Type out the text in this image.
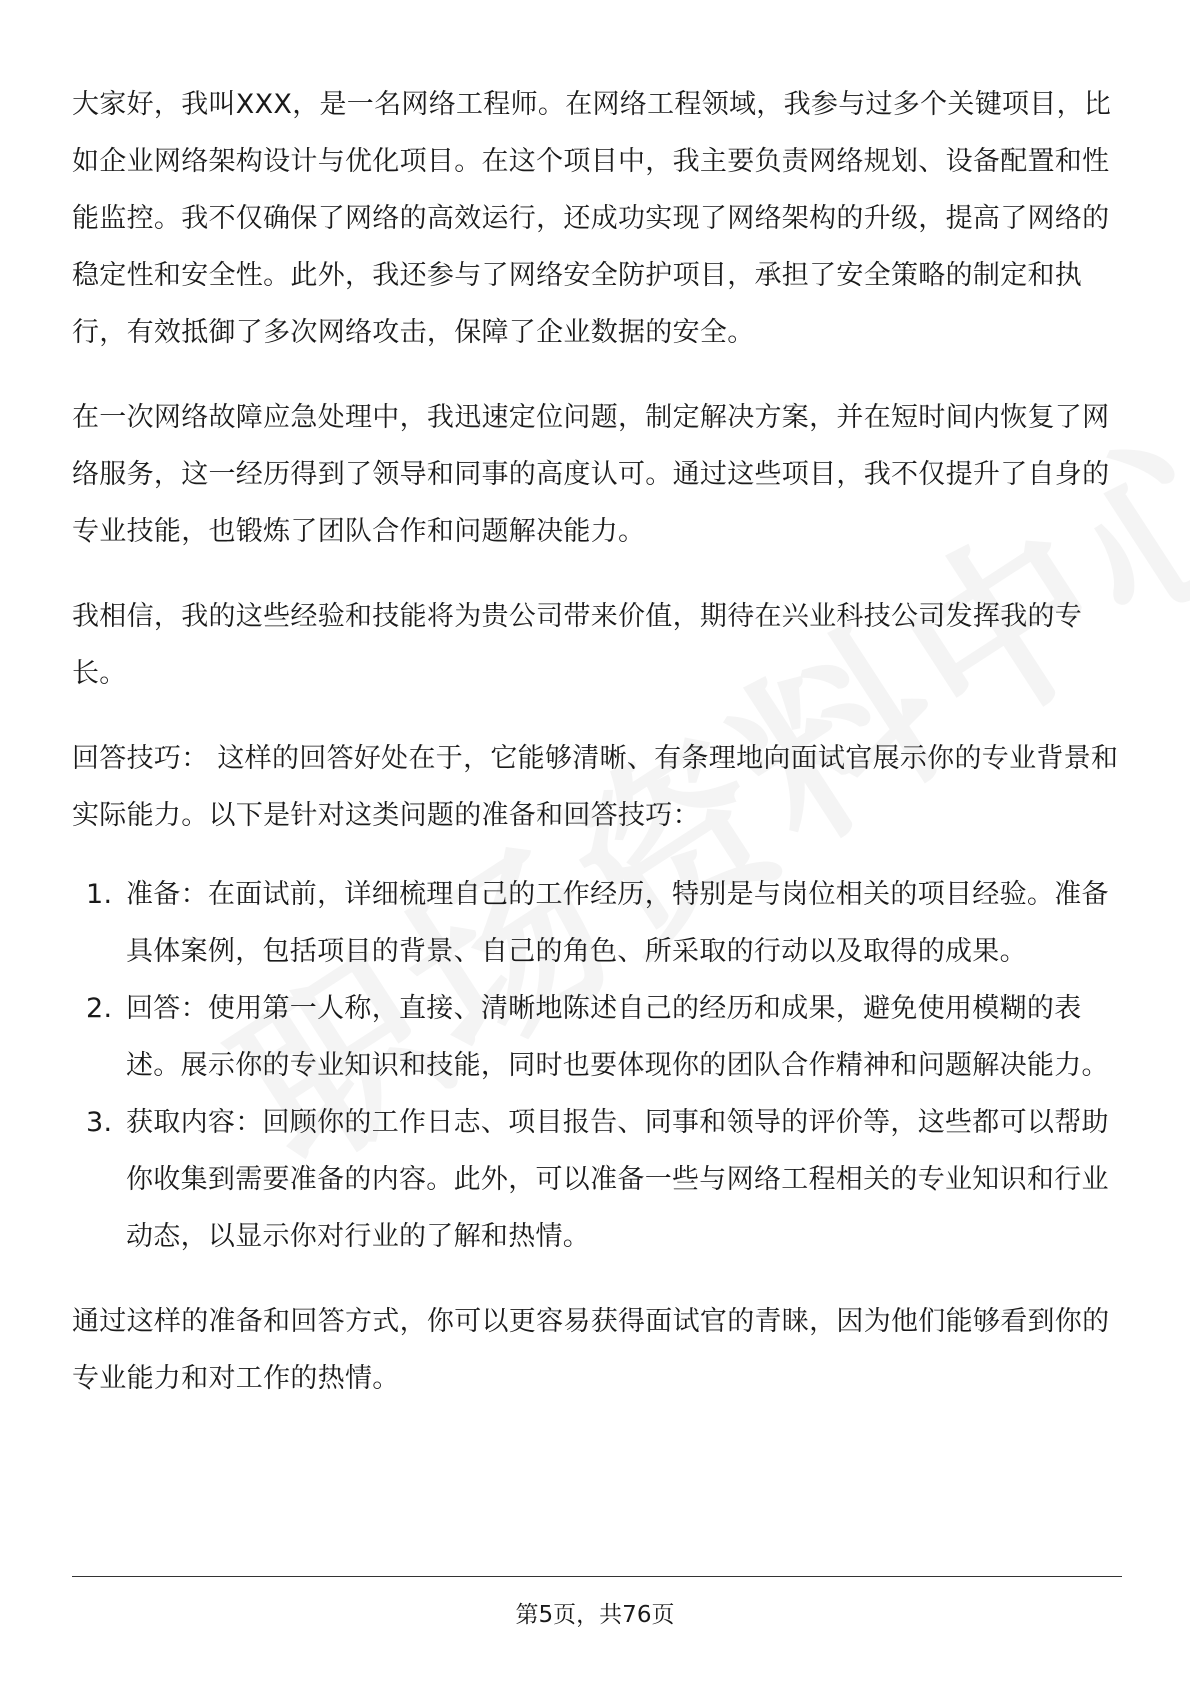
大家好，我叫XXX，是一名网络工程师。在网络工程领域，我参与过多个关键项目，比如企业网络架构设计与优化项目。在这个项目中，我主要负责网络规划、设备配置和性能监控。我不仅确保了网络的高效运行，还成功实现了网络架构的升级，提高了网络的稳定性和安全性。此外，我还参与了网络安全防护项目，承担了安全策略的制定和执行，有效抵御了多次网络攻击，保障了企业数据的安全。

在一次网络故障应急处理中，我迅速定位问题，制定解决方案，并在短时间内恢复了网络服务，这一经历得到了领导和同事的高度认可。通过这些项目，我不仅提升了自身的专业技能，也锻炼了团队合作和问题解决能力。

我相信，我的这些经验和技能将为贵公司带来价值，期待在兴业科技公司发挥我的专长。

回答技巧： 这样的回答好处在于，它能够清晰、有条理地向面试官展示你的专业背景和实际能力。以下是针对这类问题的准备和回答技巧：

1. 准备：在面试前，详细梳理自己的工作经历，特别是与岗位相关的项目经验。准备具体案例，包括项目的背景、自己的角色、所采取的行动以及取得的成果。
2. 回答：使用第一人称，直接、清晰地陈述自己的经历和成果，避免使用模糊的表述。展示你的专业知识和技能，同时也要体现你的团队合作精神和问题解决能力。
3. 获取内容：回顾你的工作日志、项目报告、同事和领导的评价等，这些都可以帮助你收集到需要准备的内容。此外，可以准备一些与网络工程相关的专业知识和行业动态，以显示你对行业的了解和热情。

通过这样的准备和回答方式，你可以更容易获得面试官的青睐，因为他们能够看到你的专业能力和对工作的热情。

第5页，共76页
